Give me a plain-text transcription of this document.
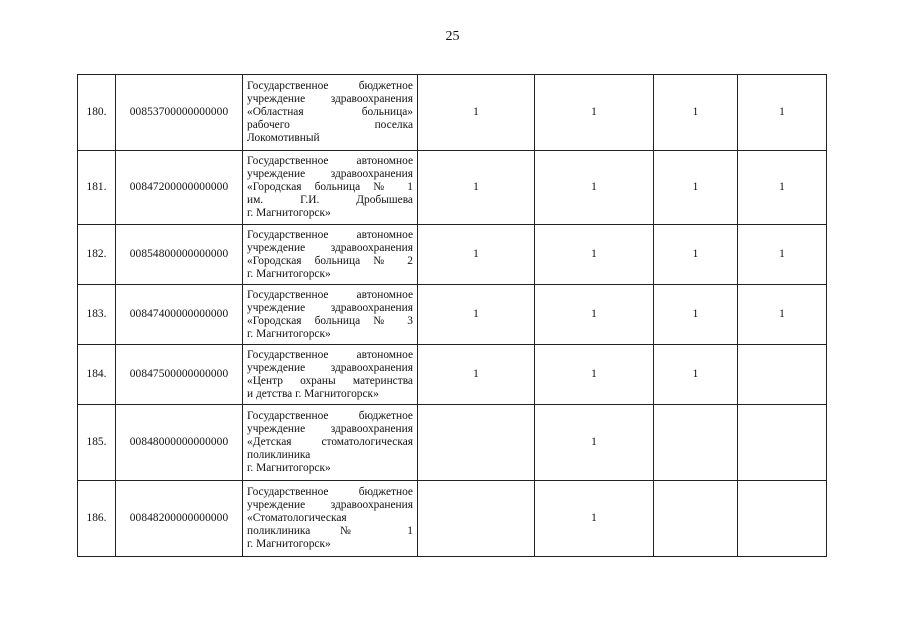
25
180.	00853700000000000	Государственное бюджетное
учреждение здравоохранения
«Областная больница»
рабочего поселка
Локомотивный	1	1	1	1
181.	00847200000000000	Государственное автономное
учреждение здравоохранения
«Городская больница № 1
им. Г.И. Дробышева
г. Магнитогорск»	1	1	1	1
182.	00854800000000000	Государственное автономное
учреждение здравоохранения
«Городская больница № 2
г. Магнитогорск»	1	1	1	1
183.	00847400000000000	Государственное автономное
учреждение здравоохранения
«Городская больница № 3
г. Магнитогорск»	1	1	1	1
184.	00847500000000000	Государственное автономное
учреждение здравоохранения
«Центр охраны материнства
и детства г. Магнитогорск»	1	1	1	
185.	00848000000000000	Государственное бюджетное
учреждение здравоохранения
«Детская стоматологическая
поликлиника
г. Магнитогорск»		1		
186.	00848200000000000	Государственное бюджетное
учреждение здравоохранения
«Стоматологическая
поликлиника № 1
г. Магнитогорск»		1		
